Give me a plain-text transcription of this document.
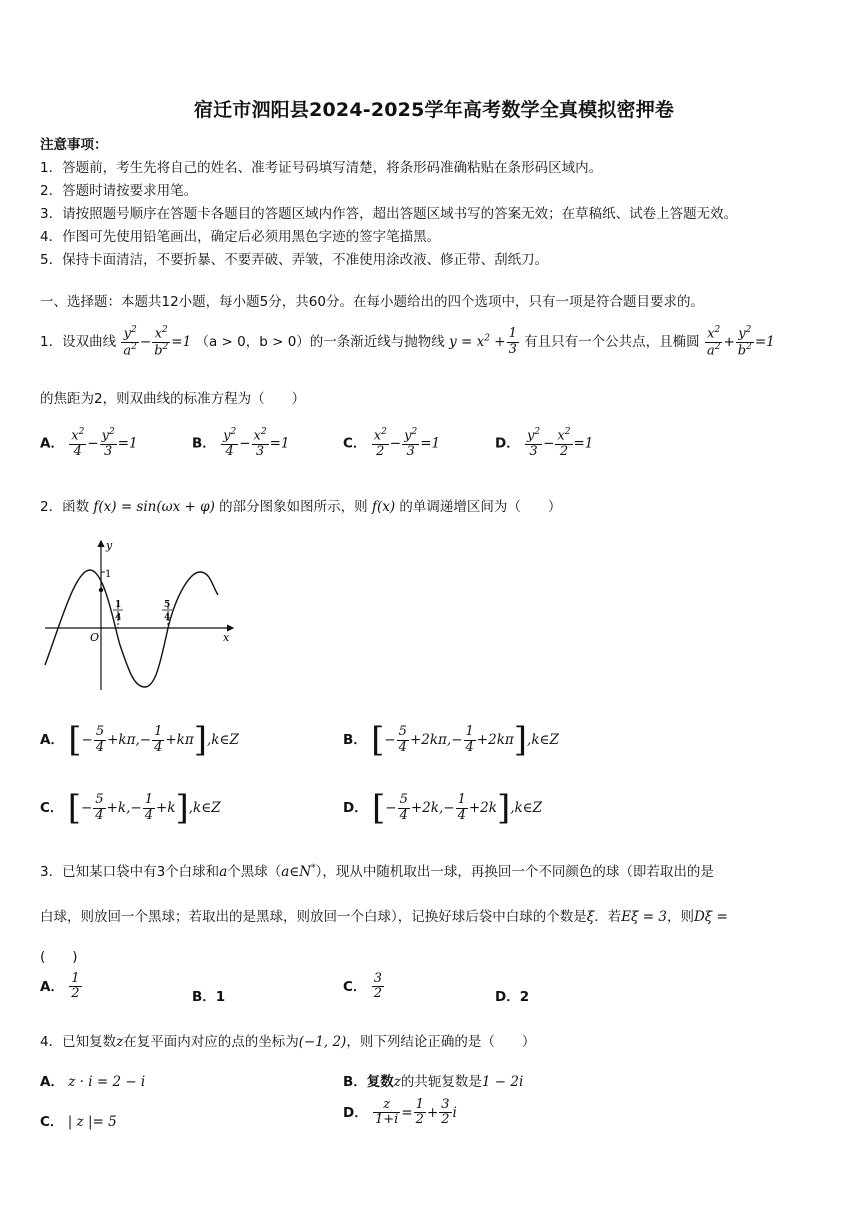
宿迁市泗阳县2024-2025学年高考数学全真模拟密押卷
注意事项：
1．答题前，考生先将自己的姓名、准考证号码填写清楚，将条形码准确粘贴在条形码区域内。
2．答题时请按要求用笔。
3．请按照题号顺序在答题卡各题目的答题区域内作答，超出答题区域书写的答案无效；在草稿纸、试卷上答题无效。
4．作图可先使用铅笔画出，确定后必须用黑色字迹的签字笔描黑。
5．保持卡面清洁，不要折暴、不要弄破、弄皱，不准使用涂改液、修正带、刮纸刀。
一、选择题：本题共12小题，每小题5分，共60分。在每小题给出的四个选项中，只有一项是符合题目要求的。
1．设双曲线 $\frac{y^2}{a^2} - \frac{x^2}{b^2} =1$ （a > 0，b > 0）的一条渐近线与抛物线 $y = x^2 + \frac{1}{3}$ 有且只有一个公共点，且椭圆 $\frac{x^2}{a^2} + \frac{y^2}{b^2} =1$
的焦距为2，则双曲线的标准方程为（　　）
A． $\frac{x^2}{4} - \frac{y^2}{3} =1$	B． $\frac{y^2}{4} - \frac{x^2}{3} =1$	C． $\frac{x^2}{2} - \frac{y^2}{3} =1$	D． $\frac{y^2}{3} - \frac{x^2}{2} =1$
2．函数 f(x) = sin(ωx + φ) 的部分图象如图所示，则 f(x) 的单调递增区间为（　　）
y
x
O
1
1
4
5
4
A． [− $\frac{5}{4} +k\pi,- \frac{1}{4}$ +kπ],k∈Z	B． [− $\frac{5}{4} +2k\pi,- \frac{1}{4}$ +2kπ],k∈Z
C． [− $\frac{5}{4} +k,- \frac{1}{4}$ +k],k∈Z	D． [− $\frac{5}{4} +2k,- \frac{1}{4}$ +2k],k∈Z
3．已知某口袋中有3个白球和a个黑球（a∈N*），现从中随机取出一球，再换回一个不同颜色的球（即若取出的是
白球，则放回一个黑球；若取出的是黑球，则放回一个白球），记换好球后袋中白球的个数是ξ．若Eξ = 3，则Dξ =
(　　)
A． $\frac{1}{2}$	B．1
C． $\frac{3}{2}$	D．2
4．已知复数z在复平面内对应的点的坐标为(−1, 2)，则下列结论正确的是（　　）
A． z · i = 2 − i	B．复数z的共轭复数是1 − 2i
C． | z |= 5
D． $\frac{z}{1+i} = \frac{1}{2} + \frac{3}{2}$ i
